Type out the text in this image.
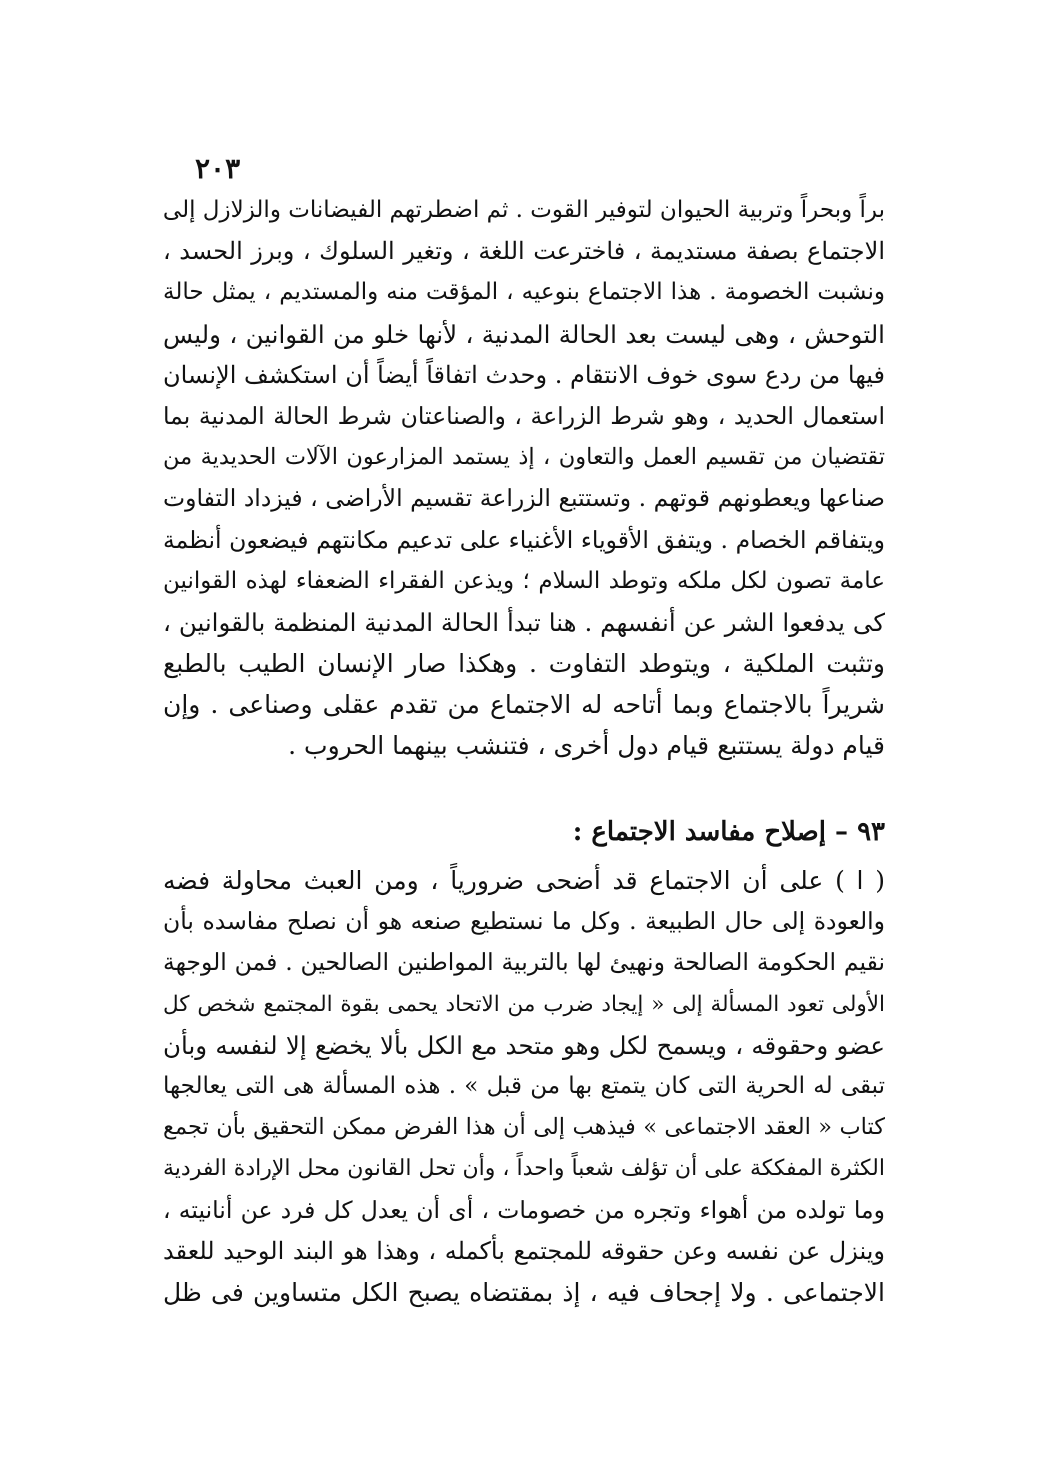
٢٠٣
براً وبحراً وتربية الحيوان لتوفير القوت . ثم اضطرتهم الفيضانات والزلازل إلى
الاجتماع بصفة مستديمة ، فاخترعت اللغة ، وتغير السلوك ، وبرز الحسد ،
ونشبت الخصومة . هذا الاجتماع بنوعيه ، المؤقت منه والمستديم ، يمثل حالة
التوحش ، وهى ليست بعد الحالة المدنية ، لأنها خلو من القوانين ، وليس
فيها من ردع سوى خوف الانتقام . وحدث اتفاقاً أيضاً أن استكشف الإنسان
استعمال الحديد ، وهو شرط الزراعة ، والصناعتان شرط الحالة المدنية بما
تقتضيان من تقسيم العمل والتعاون ، إذ يستمد المزارعون الآلات الحديدية من
صناعها ويعطونهم قوتهم . وتستتبع الزراعة تقسيم الأراضى ، فيزداد التفاوت
ويتفاقم الخصام . ويتفق الأقوياء الأغنياء على تدعيم مكانتهم فيضعون أنظمة
عامة تصون لكل ملكه وتوطد السلام ؛ ويذعن الفقراء الضعفاء لهذه القوانين
كى يدفعوا الشر عن أنفسهم . هنا تبدأ الحالة المدنية المنظمة بالقوانين ،
وتثبت الملكية ، ويتوطد التفاوت . وهكذا صار الإنسان الطيب بالطبع
شريراً بالاجتماع وبما أتاحه له الاجتماع من تقدم عقلى وصناعى . وإن
قيام دولة يستتبع قيام دول أخرى ، فتنشب بينهما الحروب .
٩٣ – إصلاح مفاسد الاجتماع :
( ا ) على أن الاجتماع قد أضحى ضرورياً ، ومن العبث محاولة فضه
والعودة إلى حال الطبيعة . وكل ما نستطيع صنعه هو أن نصلح مفاسده بأن
نقيم الحكومة الصالحة ونهيئ لها بالتربية المواطنين الصالحين . فمن الوجهة
الأولى تعود المسألة إلى « إيجاد ضرب من الاتحاد يحمى بقوة المجتمع شخص كل
عضو وحقوقه ، ويسمح لكل وهو متحد مع الكل بألا يخضع إلا لنفسه وبأن
تبقى له الحرية التى كان يتمتع بها من قبل » . هذه المسألة هى التى يعالجها
كتاب « العقد الاجتماعى » فيذهب إلى أن هذا الفرض ممكن التحقيق بأن تجمع
الكثرة المفككة على أن تؤلف شعباً واحداً ، وأن تحل القانون محل الإرادة الفردية
وما تولده من أهواء وتجره من خصومات ، أى أن يعدل كل فرد عن أنانيته ،
وينزل عن نفسه وعن حقوقه للمجتمع بأكمله ، وهذا هو البند الوحيد للعقد
الاجتماعى . ولا إجحاف فيه ، إذ بمقتضاه يصبح الكل متساوين فى ظل
